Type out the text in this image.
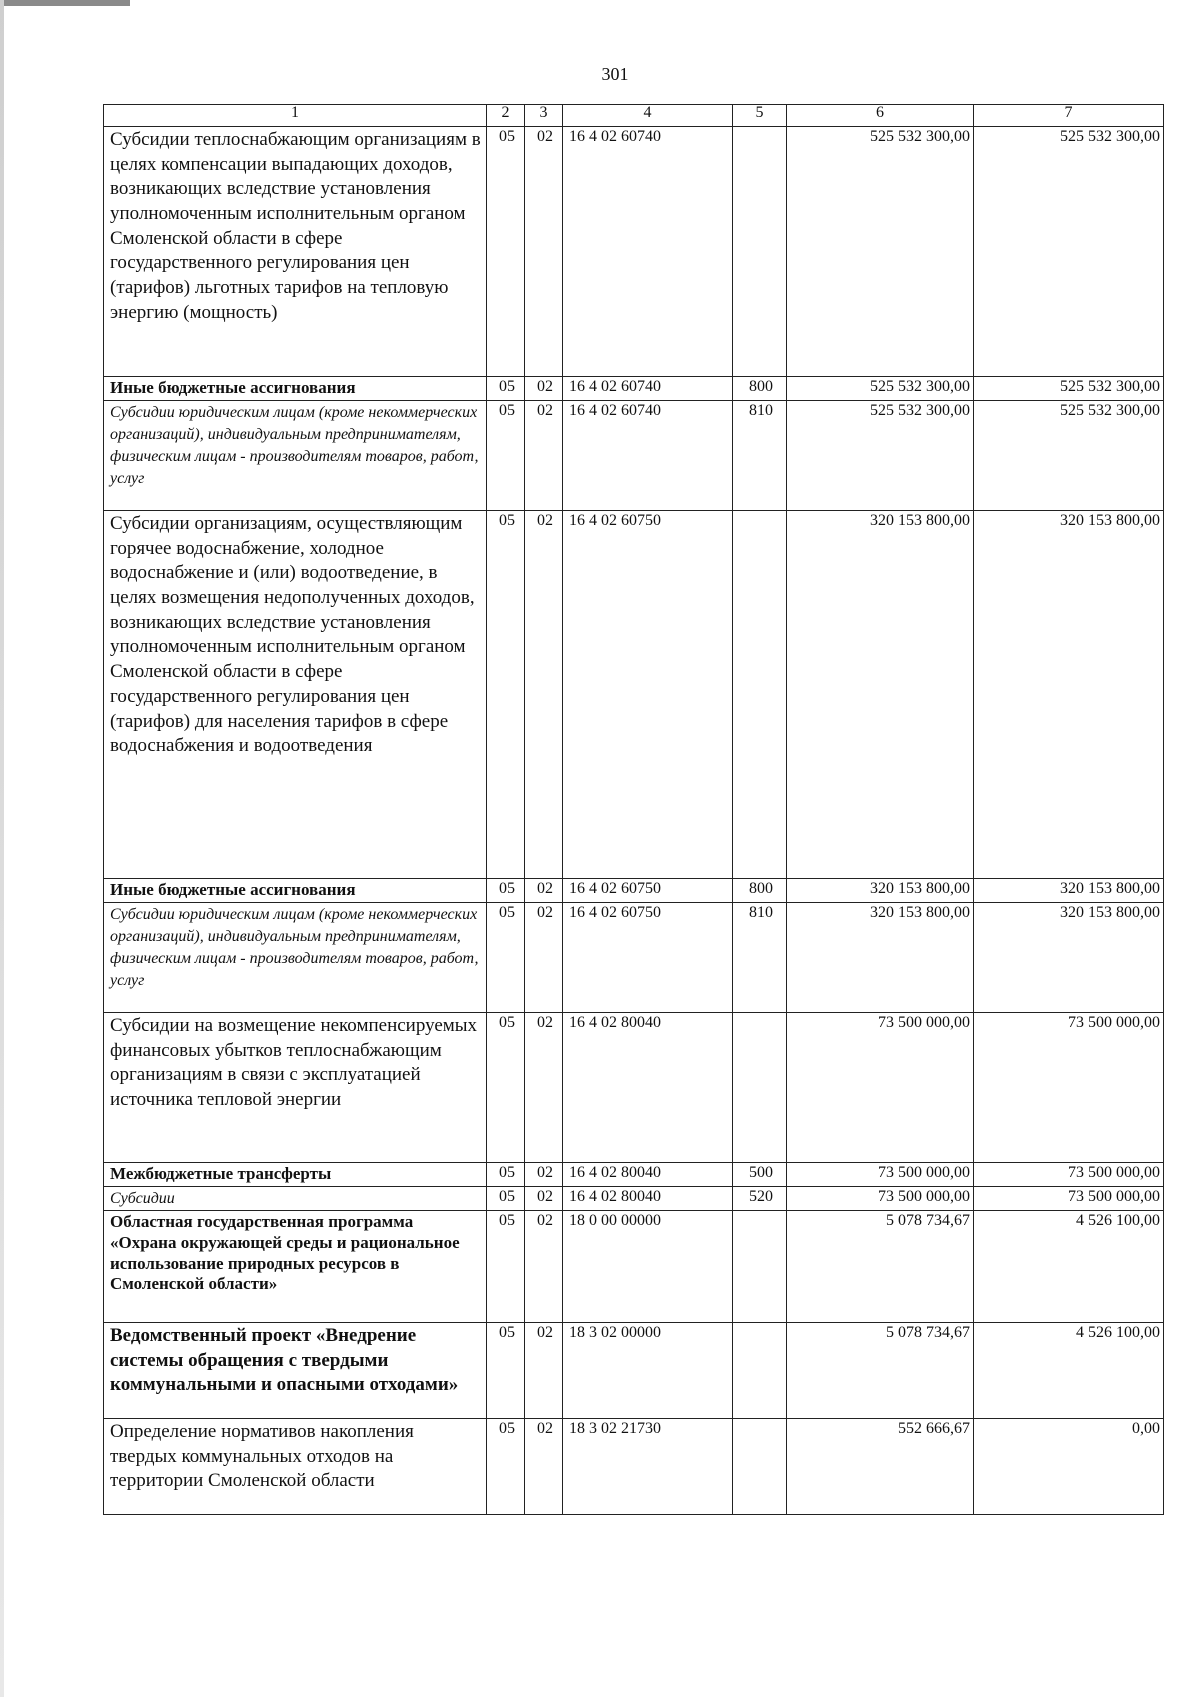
301
1	2	3	4	5	6	7
Субсидии теплоснабжающим организациям в целях компенсации выпадающих доходов, возникающих вследствие установления уполномоченным исполнительным органом Смоленской области в сфере государственного регулирования цен (тарифов) льготных тарифов на тепловую энергию (мощность)	05	02	16 4 02 60740		525 532 300,00	525 532 300,00
Иные бюджетные ассигнования	05	02	16 4 02 60740	800	525 532 300,00	525 532 300,00
Субсидии юридическим лицам (кроме некоммерческих организаций), индивидуальным предпринимателям, физическим лицам - производителям товаров, работ, услуг	05	02	16 4 02 60740	810	525 532 300,00	525 532 300,00
Субсидии организациям, осуществляющим горячее водоснабжение, холодное водоснабжение и (или) водоотведение, в целях возмещения недополученных доходов, возникающих вследствие установления уполномоченным исполнительным органом Смоленской области в сфере государственного регулирования цен (тарифов) для населения тарифов в сфере водоснабжения и водоотведения	05	02	16 4 02 60750		320 153 800,00	320 153 800,00
Иные бюджетные ассигнования	05	02	16 4 02 60750	800	320 153 800,00	320 153 800,00
Субсидии юридическим лицам (кроме некоммерческих организаций), индивидуальным предпринимателям, физическим лицам - производителям товаров, работ, услуг	05	02	16 4 02 60750	810	320 153 800,00	320 153 800,00
Субсидии на возмещение некомпенсируемых финансовых убытков теплоснабжающим организациям в связи с эксплуатацией источника тепловой энергии	05	02	16 4 02 80040		73 500 000,00	73 500 000,00
Межбюджетные трансферты	05	02	16 4 02 80040	500	73 500 000,00	73 500 000,00
Субсидии	05	02	16 4 02 80040	520	73 500 000,00	73 500 000,00
Областная государственная программа «Охрана окружающей среды и рациональное использование природных ресурсов в Смоленской области»	05	02	18 0 00 00000		5 078 734,67	4 526 100,00
Ведомственный проект «Внедрение системы обращения с твердыми коммунальными и опасными отходами»	05	02	18 3 02 00000		5 078 734,67	4 526 100,00
Определение нормативов накопления твердых коммунальных отходов на территории Смоленской области	05	02	18 3 02 21730		552 666,67	0,00
